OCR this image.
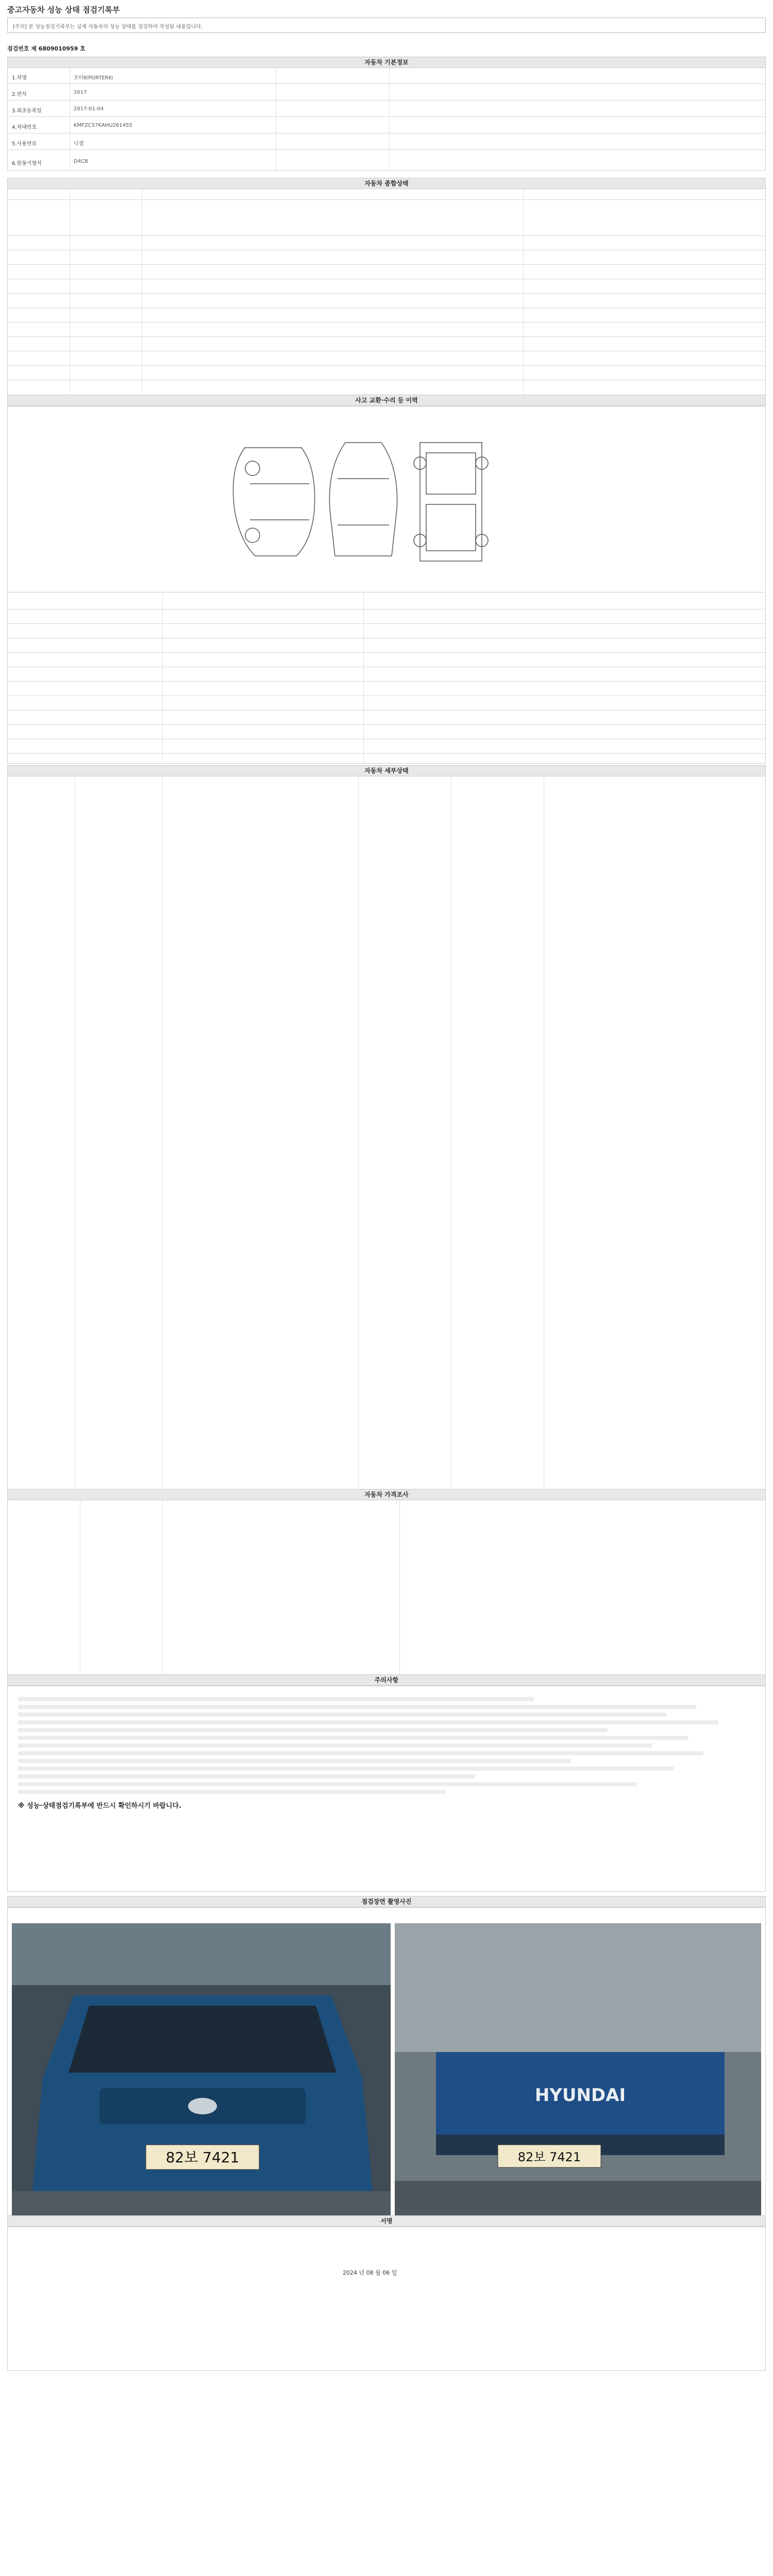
중고자동차 성능 상태 점검기록부
[주의] 본 성능점검기록부는 실제 자동차의 성능 상태를 점검하여 작성된 내용입니다.
점검번호 제 6809010959 호
자동차 기본정보
1.차명	포터Ⅱ(PORTERⅡ)
2.연식	2017
3.최초등록일	2017-01-04
4.차대번호	KMFZCS7KAHU261455
5.사용연료	디젤
6.원동기형식	D4CB
자동차 종합상태
사고 교환·수리 등 이력
자동차 세부상태
자동차 가격조사
주의사항
※ 성능·상태점검기록부에 반드시 확인하시기 바랍니다.
점검장면 촬영사진
82보 7421
HYUNDAI
82보 7421
서명
2024 년 08 월 06 일
